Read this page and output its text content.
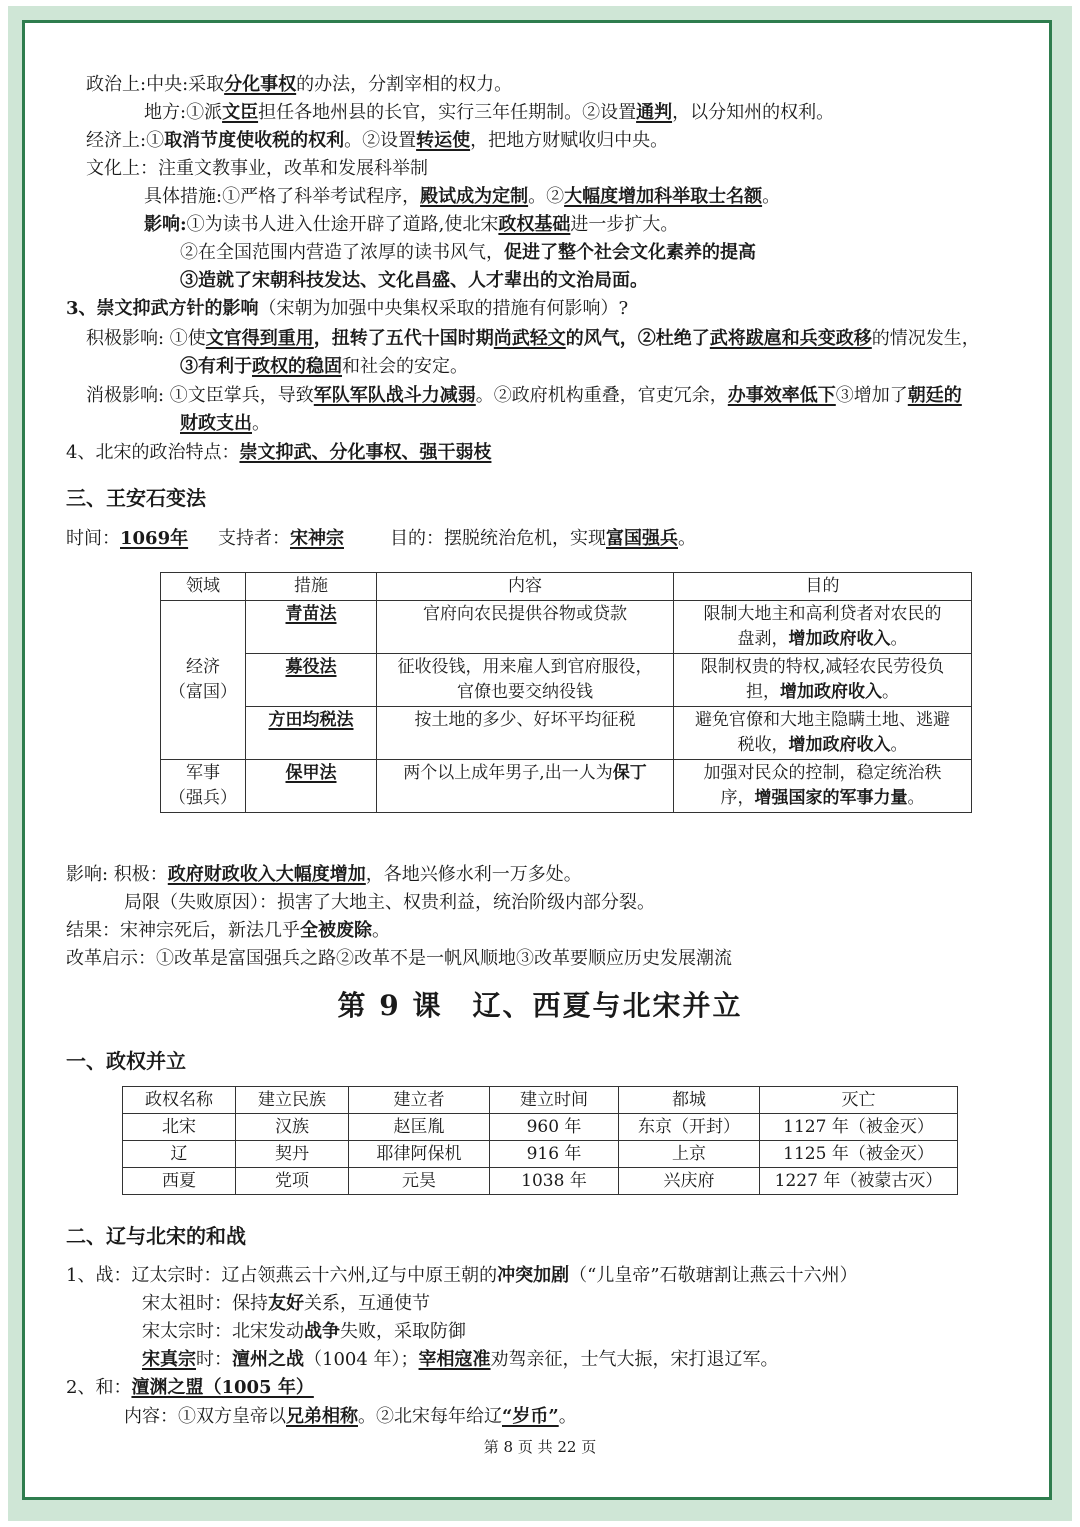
政治上:中央:采取分化事权的办法，分割宰相的权力。
地方:①派文臣担任各地州县的长官，实行三年任期制。②设置通判，以分知州的权利。
经济上:①取消节度使收税的权利。②设置转运使，把地方财赋收归中央。
文化上：注重文教事业，改革和发展科举制
具体措施:①严格了科举考试程序，殿试成为定制。②大幅度增加科举取士名额。
影响:①为读书人进入仕途开辟了道路,使北宋政权基础进一步扩大。
②在全国范围内营造了浓厚的读书风气，促进了整个社会文化素养的提高
③造就了宋朝科技发达、文化昌盛、人才辈出的文治局面。
3、崇文抑武方针的影响（宋朝为加强中央集权采取的措施有何影响）?
积极影响: ①使文官得到重用，扭转了五代十国时期尚武轻文的风气，②杜绝了武将跋扈和兵变政移的情况发生，
③有利于政权的稳固和社会的安定。
消极影响: ①文臣掌兵，导致军队军队战斗力减弱。②政府机构重叠，官吏冗余，办事效率低下③增加了朝廷的
财政支出。
4、北宋的政治特点：崇文抑武、分化事权、强干弱枝
三、王安石变法
时间：1069年 支持者：宋神宗	目的：摆脱统治危机，实现富国强兵。
领域	措施	内容	目的
经济
（富国）	青苗法	官府向农民提供谷物或贷款	限制大地主和高利贷者对农民的
盘剥，增加政府收入。
	募役法	征收役钱，用来雇人到官府服役，
官僚也要交纳役钱	限制权贵的特权,减轻农民劳役负
担，增加政府收入。
	方田均税法	按土地的多少、好坏平均征税	避免官僚和大地主隐瞒土地、逃避
税收，增加政府收入。
军事
（强兵）	保甲法	两个以上成年男子,出一人为保丁	加强对民众的控制，稳定统治秩
序，增强国家的军事力量。
影响: 积极：政府财政收入大幅度增加，各地兴修水利一万多处。
局限（失败原因）：损害了大地主、权贵利益，统治阶级内部分裂。
结果：宋神宗死后，新法几乎全被废除。
改革启示：①改革是富国强兵之路②改革不是一帆风顺地③改革要顺应历史发展潮流
第 9 课　辽、西夏与北宋并立
一、政权并立
政权名称	建立民族	建立者	建立时间	都城	灭亡
北宋	汉族	赵匡胤	960 年	东京（开封）	1127 年（被金灭）
辽	契丹	耶律阿保机	916 年	上京	1125 年（被金灭）
西夏	党项	元昊	1038 年	兴庆府	1227 年（被蒙古灭）
二、辽与北宋的和战
1、战：辽太宗时：辽占领燕云十六州,辽与中原王朝的冲突加剧（“儿皇帝”石敬瑭割让燕云十六州）
宋太祖时：保持友好关系，互通使节
宋太宗时：北宋发动战争失败，采取防御
宋真宗时：澶州之战（1004 年）；宰相寇准劝驾亲征，士气大振，宋打退辽军。
2、和：澶渊之盟（1005 年）
内容：①双方皇帝以兄弟相称。②北宋每年给辽“岁币”。
第 8 页 共 22 页
